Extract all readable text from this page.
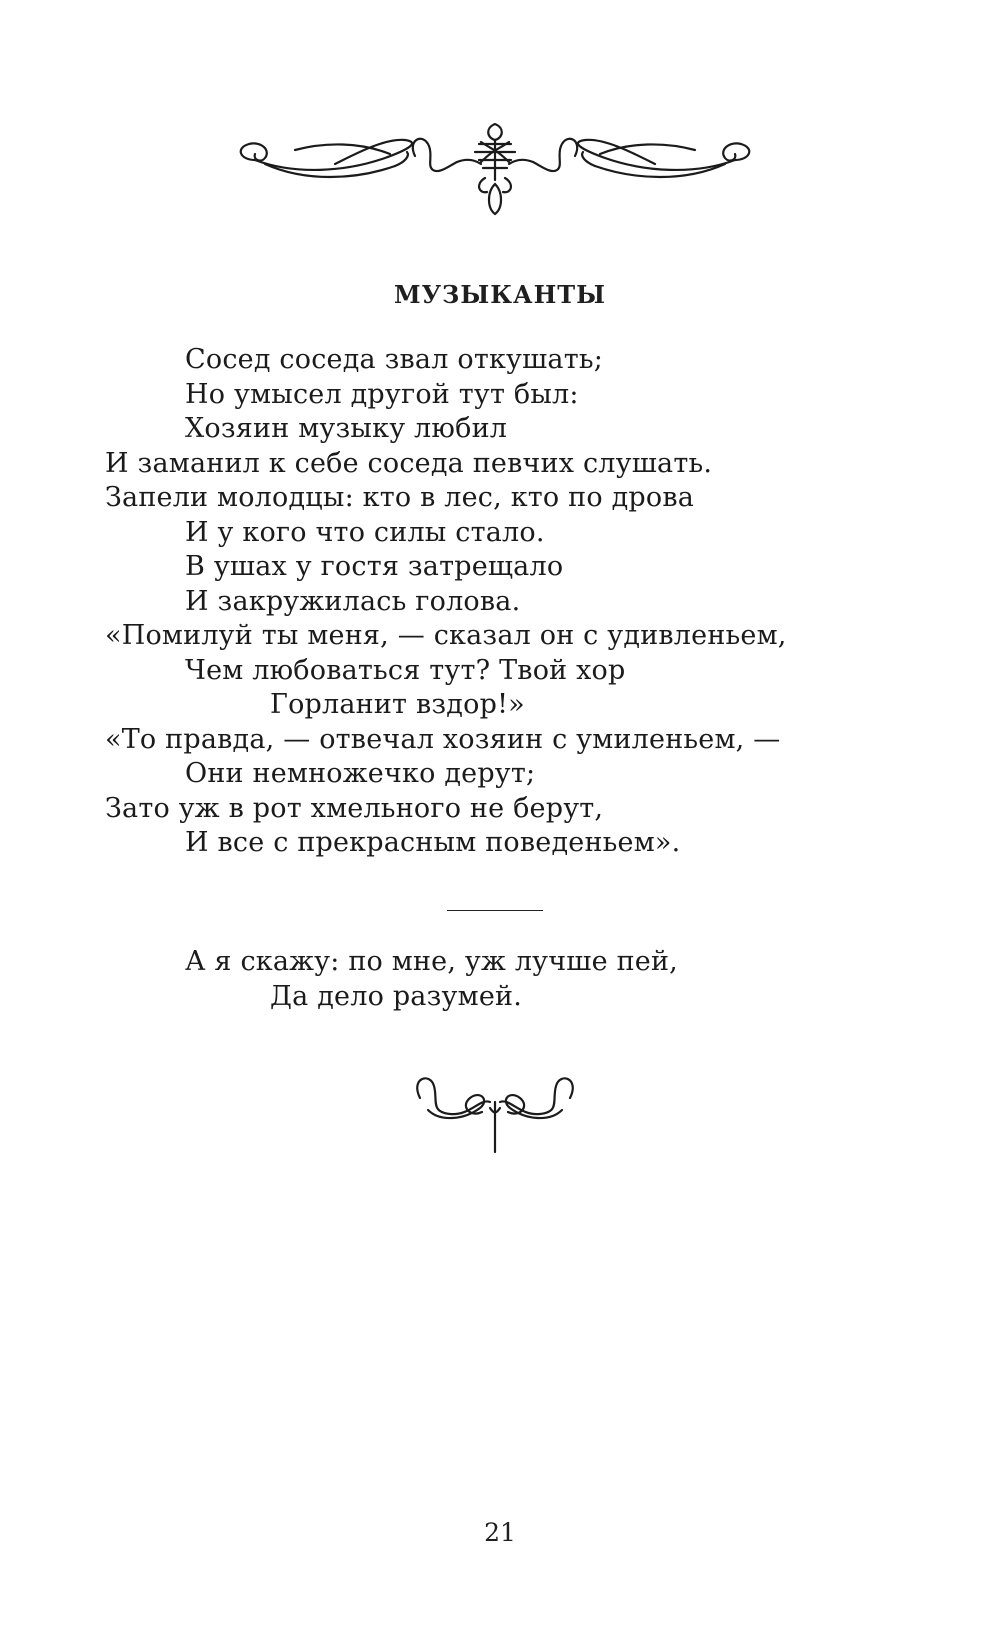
МУЗЫКАНТЫ
Сосед соседа звал откушать;
Но умысел другой тут был:
Хозяин музыку любил
И заманил к себе соседа певчих слушать.
Запели молодцы: кто в лес, кто по дрова
И у кого что силы стало.
В ушах у гостя затрещало
И закружилась голова.
«Помилуй ты меня, — сказал он с удивленьем,
Чем любоваться тут? Твой хор
Горланит вздор!»
«То правда, — отвечал хозяин с умиленьем, —
Они немножечко дерут;
Зато уж в рот хмельного не берут,
И все с прекрасным поведеньем».
А я скажу: по мне, уж лучше пей,
Да дело разумей.
21
